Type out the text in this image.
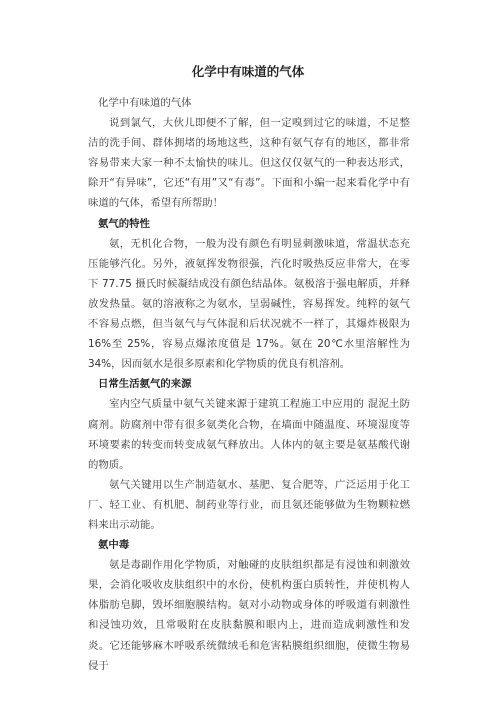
化学中有味道的气体

化学中有味道的气体

说到氯气，大伙儿即便不了解，但一定嗅到过它的味道，不足整洁的洗手间、群体拥堵的场地这些，这种有氨气存有的地区，都非常容易带来大家一种不太愉快的味儿。但这仅仅氨气的一种表达形式，除开“有异味”，它还“有用”又“有毒”。下面和小编一起来看化学中有味道的气体，希望有所帮助！

氨气的特性

氨，无机化合物，一般为没有颜色有明显刺激味道，常温状态充压能够汽化。另外，液氨挥发物很强，汽化时吸热反应非常大，在零下 77.75 摄氏时候凝结成没有颜色结晶体。氨极溶于强电解质，并释放发热量。氨的溶液称之为氨水，呈弱碱性，容易挥发。纯粹的氨气不容易点燃，但当氨气与气体混和后状况就不一样了，其爆炸极限为 16%至 25%，容易点爆浓度值是 17%。氨在 20℃水里溶解性为 34%，因而氨水是很多原素和化学物质的优良有机溶剂。

日常生活氨气的来源

室内空气质量中氨气关键来源于建筑工程施工中应用的 混泥土防腐剂。防腐剂中带有很多氨类化合物，在墙面中随温度、环境湿度等环境要素的转变而转变成氨气释放出。人体内的氨主要是氨基酸代谢的物质。

氨气关键用以生产制造氨水、基肥、复合肥等，广泛运用于化工厂、轻工业、有机肥、制药业等行业，而且氨还能够做为生物颗粒燃料来出示动能。

氨中毒

氨是毒副作用化学物质，对触碰的皮肤组织都是有浸蚀和刺激效果，会消化吸收皮肤组织中的水份，使机构蛋白质转性，并使机构人体脂肪皂脚，毁坏细胞膜结构。氨对小动物或身体的呼吸道有刺激性和浸蚀功效，且常吸附在皮肤黏膜和眼内上，进而造成刺激性和发炎。它还能够麻木呼吸系统微绒毛和危害粘膜组织细胞，使微生物易侵于
